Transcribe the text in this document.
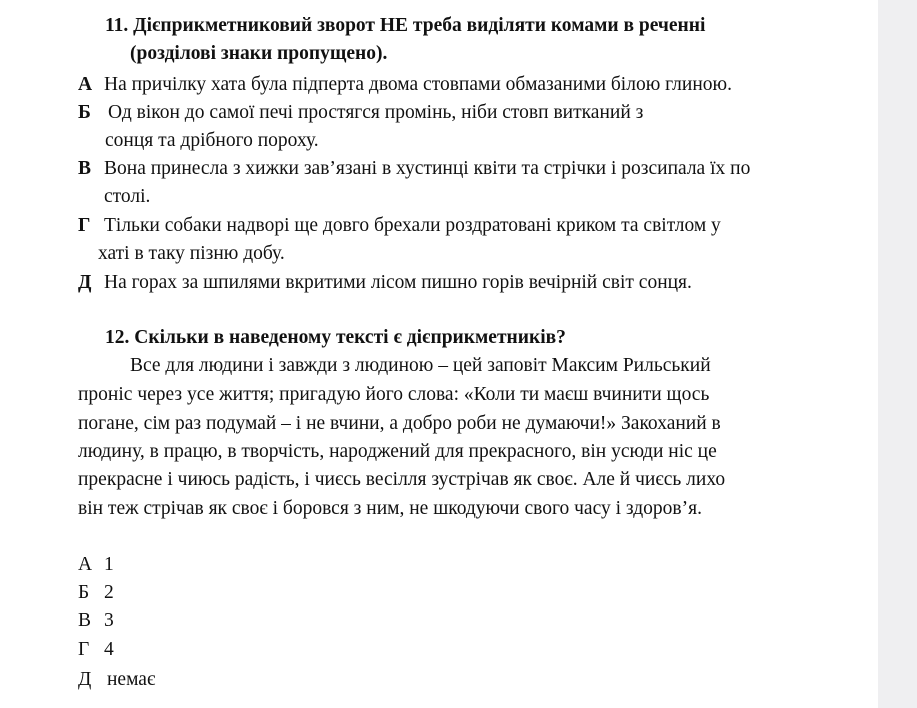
11. Дієприкметниковий зворот НЕ треба виділяти комами в реченні
(розділові знаки пропущено).
А На причілку хата була підперта двома стовпами обмазаними білою глиною.
Б Од вікон до самої печі простягся промінь, ніби стовп витканий з
сонця та дрібного пороху.
В Вона принесла з хижки зав’язані в хустинці квіти та стрічки і розсипала їх по
столі.
Г Тільки собаки надворі ще довго брехали роздратовані криком та світлом у
хаті в таку пізню добу.
Д На горах за шпилями вкритими лісом пишно горів вечірній світ сонця.
12. Скільки в наведеному тексті є дієприкметників?
Все для людини і завжди з людиною – цей заповіт Максим Рильський
проніс через усе життя; пригадую його слова: «Коли ти маєш вчинити щось
погане, сім раз подумай – і не вчини, а добро роби не думаючи!» Закоханий в
людину, в працю, в творчість, народжений для прекрасного, він усюди ніс це
прекрасне і чиюсь радість, і чиєсь весілля зустрічав як своє. Але й чиєсь лихо
він теж стрічав як своє і боровся з ним, не шкодуючи свого часу і здоров’я.
А 1
Б 2
В 3
Г 4
Д немає
